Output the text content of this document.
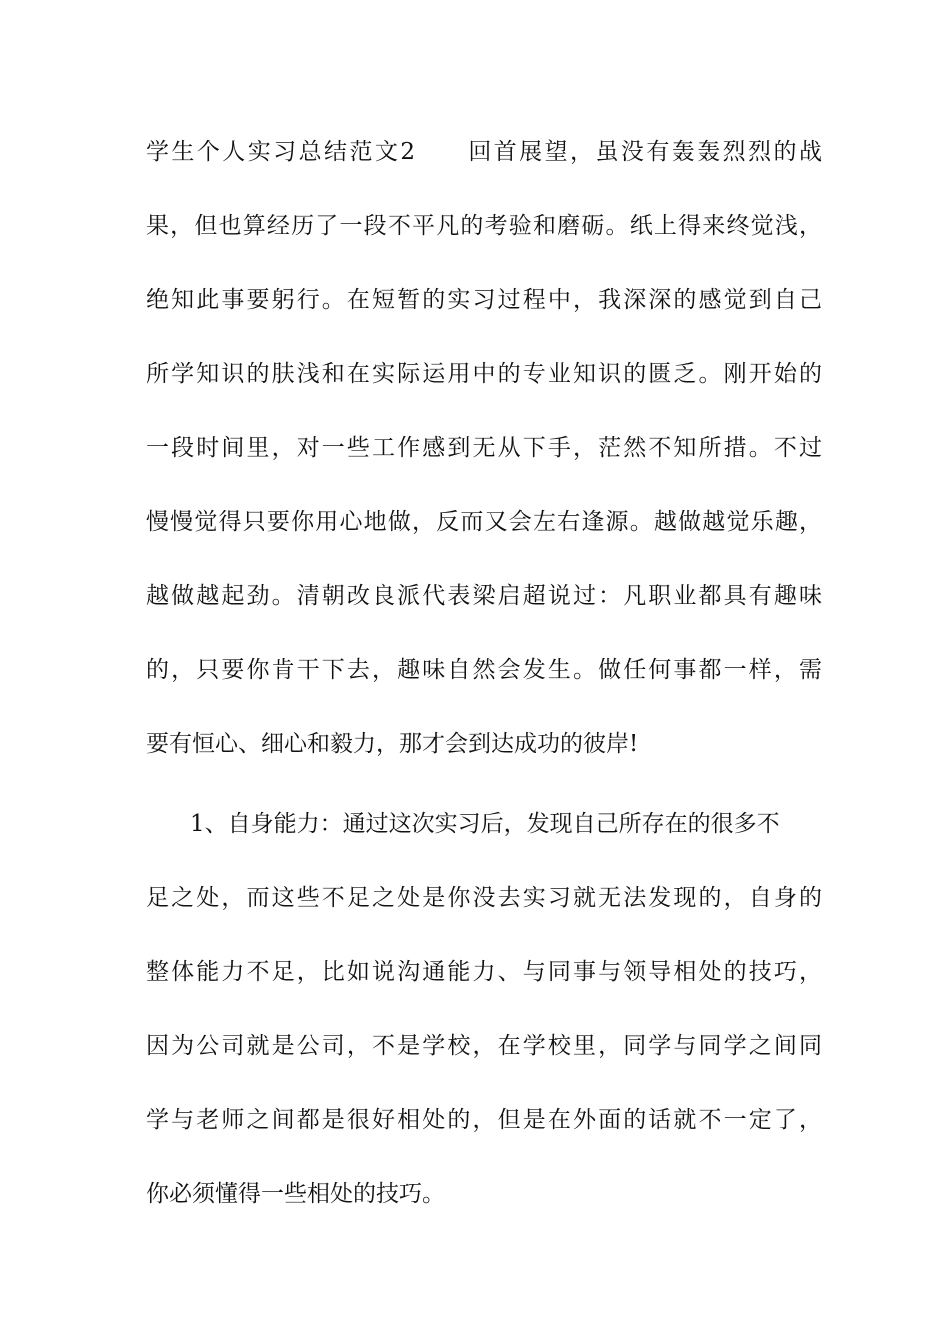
学生个人实习总结范文2　　回首展望，虽没有轰轰烈烈的战
果，但也算经历了一段不平凡的考验和磨砺。纸上得来终觉浅，
绝知此事要躬行。在短暂的实习过程中，我深深的感觉到自己
所学知识的肤浅和在实际运用中的专业知识的匮乏。刚开始的
一段时间里，对一些工作感到无从下手，茫然不知所措。不过
慢慢觉得只要你用心地做，反而又会左右逢源。越做越觉乐趣，
越做越起劲。清朝改良派代表梁启超说过：凡职业都具有趣味
的，只要你肯干下去，趣味自然会发生。做任何事都一样，需
要有恒心、细心和毅力，那才会到达成功的彼岸!
1、自身能力：通过这次实习后，发现自己所存在的很多不
足之处，而这些不足之处是你没去实习就无法发现的，自身的
整体能力不足，比如说沟通能力、与同事与领导相处的技巧，
因为公司就是公司，不是学校，在学校里，同学与同学之间同
学与老师之间都是很好相处的，但是在外面的话就不一定了，
你必须懂得一些相处的技巧。
